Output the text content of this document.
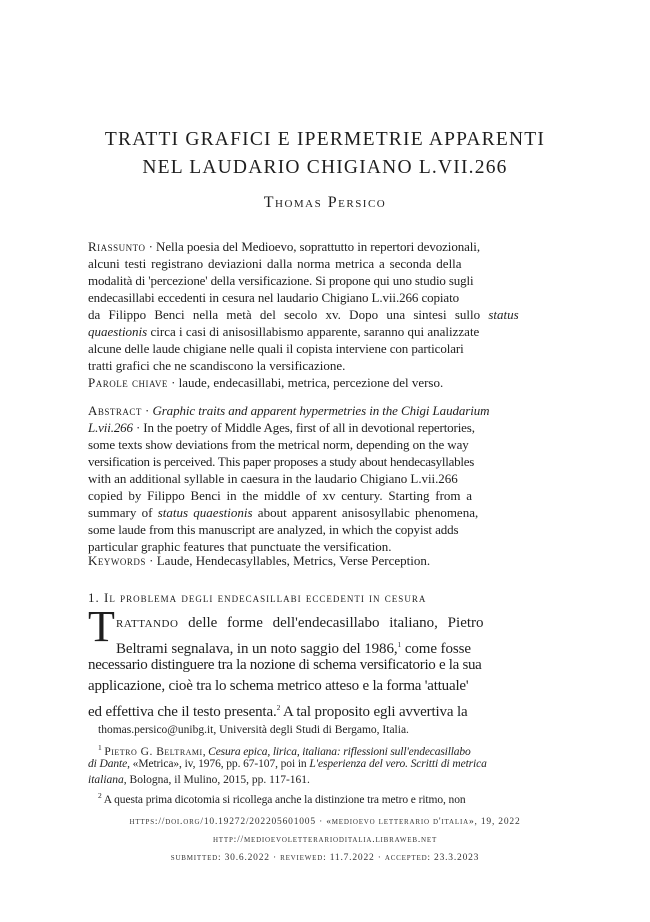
TRATTI GRAFICI E IPERMETRIE APPARENTI
NEL LAUDARIO CHIGIANO L.VII.266
Thomas Persico
Riassunto · Nella poesia del Medioevo, soprattutto in repertori devozionali,
alcuni testi registrano deviazioni dalla norma metrica a seconda della
modalità di 'percezione' della versificazione. Si propone qui uno studio sugli
endecasillabi eccedenti in cesura nel laudario Chigiano L.vii.266 copiato
da Filippo Benci nella metà del secolo xv. Dopo una sintesi sullo status
quaestionis circa i casi di anisosillabismo apparente, saranno qui analizzate
alcune delle laude chigiane nelle quali il copista interviene con particolari
tratti grafici che ne scandiscono la versificazione.
Parole chiave · laude, endecasillabi, metrica, percezione del verso.
Abstract · Graphic traits and apparent hypermetries in the Chigi Laudarium
L.vii.266 · In the poetry of Middle Ages, first of all in devotional repertories,
some texts show deviations from the metrical norm, depending on the way
versification is perceived. This paper proposes a study about hendecasyllables
with an additional syllable in caesura in the laudario Chigiano L.vii.266
copied by Filippo Benci in the middle of xv century. Starting from a
summary of status quaestionis about apparent anisosyllabic phenomena,
some laude from this manuscript are analyzed, in which the copyist adds
particular graphic features that punctuate the versification.
Keywords · Laude, Hendecasyllables, Metrics, Verse Perception.
1. Il problema degli endecasillabi eccedenti in cesura
T rattando delle forme dell'endecasillabo italiano, Pietro
Beltrami segnalava, in un noto saggio del 1986,$^1$ come fosse
necessario distinguere tra la nozione di schema versificatorio e la sua
applicazione, cioè tra lo schema metrico atteso e la forma 'attuale'
ed effettiva che il testo presenta.$^2$ A tal proposito egli avvertiva la
thomas.persico@unibg.it, Università degli Studi di Bergamo, Italia.
$^1$ Pietro G. Beltrami, Cesura epica, lirica, italiana: riflessioni sull'endecasillabo
di Dante, «Metrica», iv, 1976, pp. 67-107, poi in L'esperienza del vero. Scritti di metrica
italiana, Bologna, il Mulino, 2015, pp. 117-161.
$^2$ A questa prima dicotomia si ricollega anche la distinzione tra metro e ritmo, non
https://doi.org/10.19272/202205601005 · «medioevo letterario d'italia», 19, 2022
http://medioevoletterarioditalia.libraweb.net
submitted: 30.6.2022 · reviewed: 11.7.2022 · accepted: 23.3.2023
